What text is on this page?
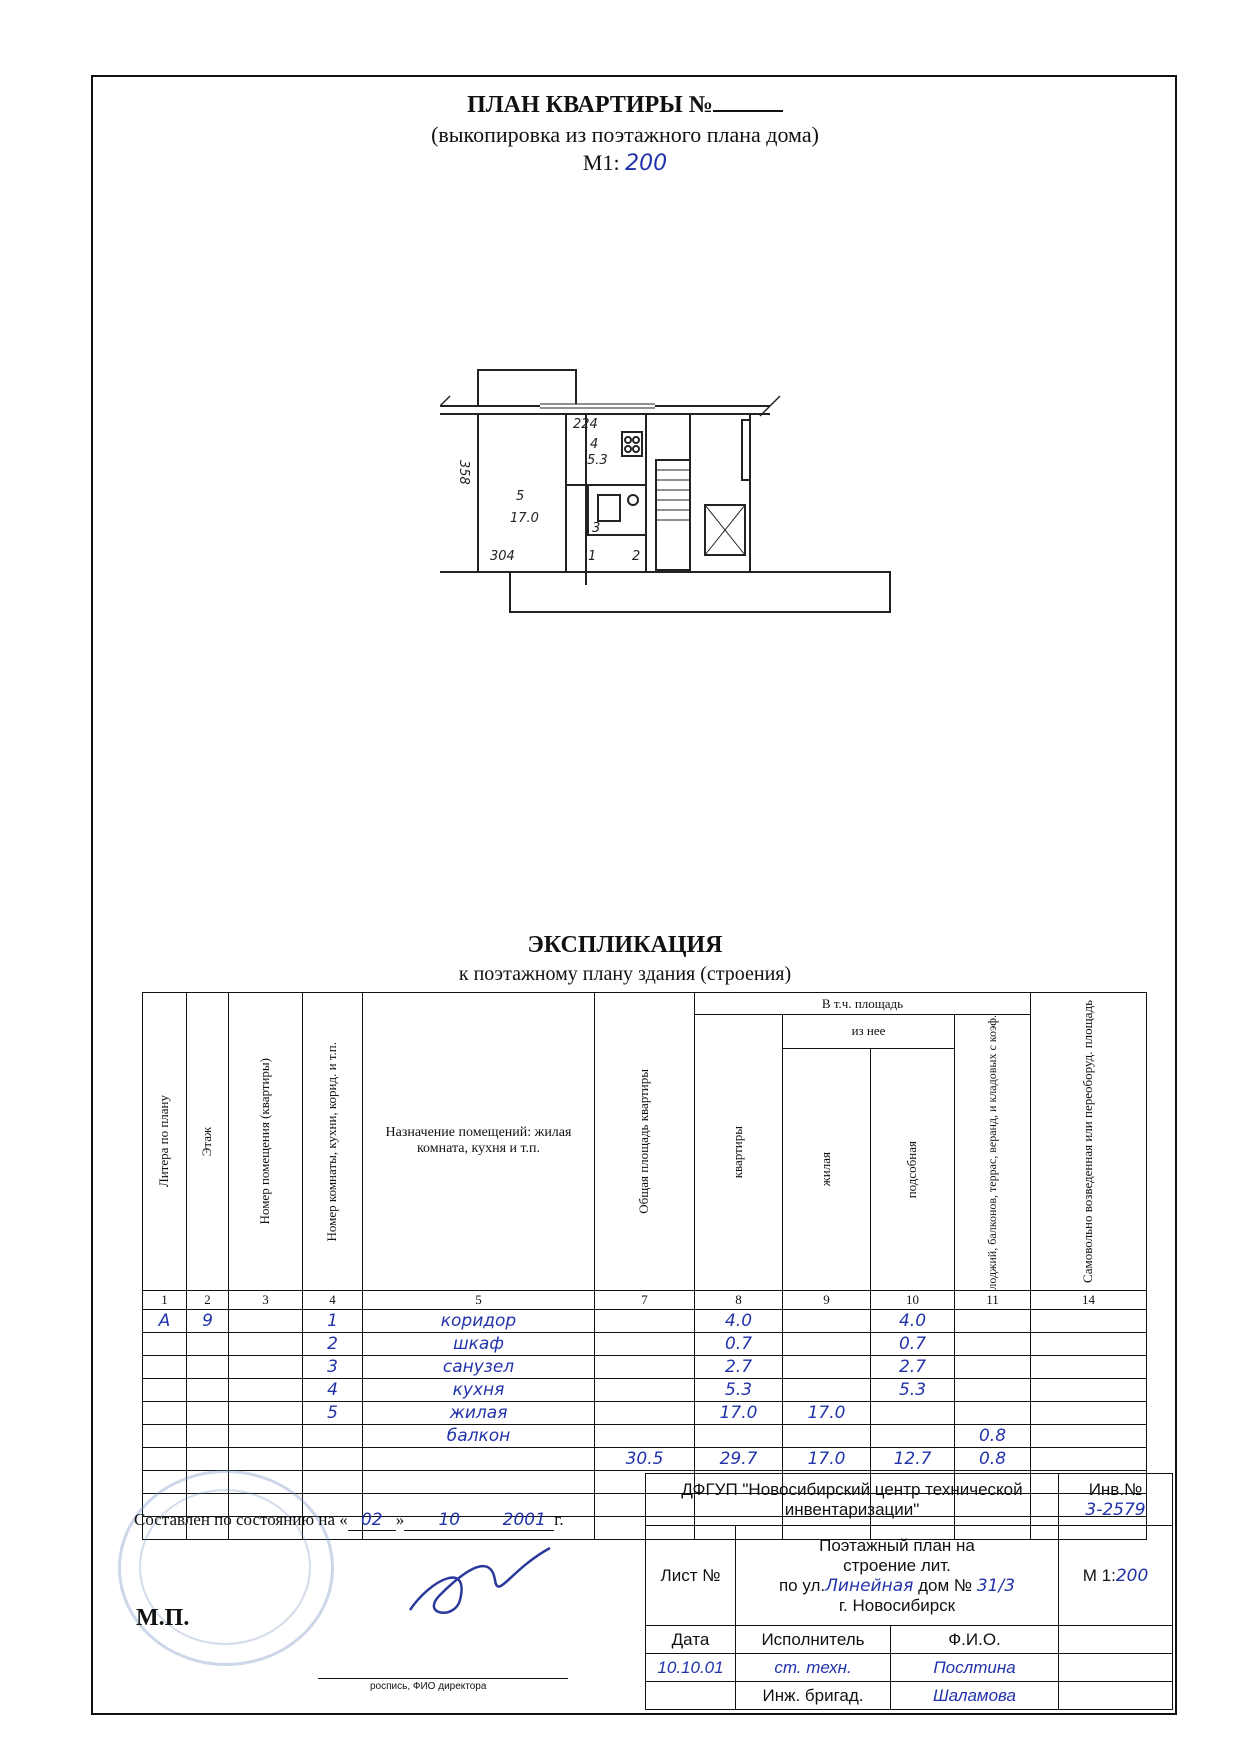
ПЛАН КВАРТИРЫ №
(выкопировка из поэтажного плана дома)
М1: 200
224
4
5.3
358
5
17.0
3
304	1	2
ЭКСПЛИКАЦИЯ
к поэтажному плану здания (строения)
Литера по плану	Этаж	Номер помещения (квартиры)	Номер комнаты, кухни, корид. и т.п.	Назначение помещений: жилая комната, кухня и т.п.	Общая площадь квартиры	В т.ч. площадь				Самовольно возведенная или переоборуд. площадь

						квартиры	из нее		лоджий, балконов, террас, веранд, и кладовых с коэф.	

							жилая	подсобная		

1	2	3	4	5	7	8	9	10	11	14
А	9		1	коридор		4.0		4.0		
			2	шкаф		0.7		0.7		
			3	санузел		2.7		2.7		
			4	кухня		5.3		5.3		
			5	жилая		17.0	17.0			
				балкон					0.8	
					30.5	29.7	17.0	12.7	0.8	

Составлен по состоянию на « 02 » 10	2001 г.
роспись, ФИО директора
М.П.
ДФГУП "Новосибирский центр технической инвентаризации"			Инв.№
3-2579

Лист №	Поэтажный план на
строение лит.
по ул.Линейная дом № 31/3
г. Новосибирск		М 1:200
Дата	Исполнитель	Ф.И.О.	
10.10.01	ст. техн.	Послтина	
	Инж. бригад.	Шаламова	
